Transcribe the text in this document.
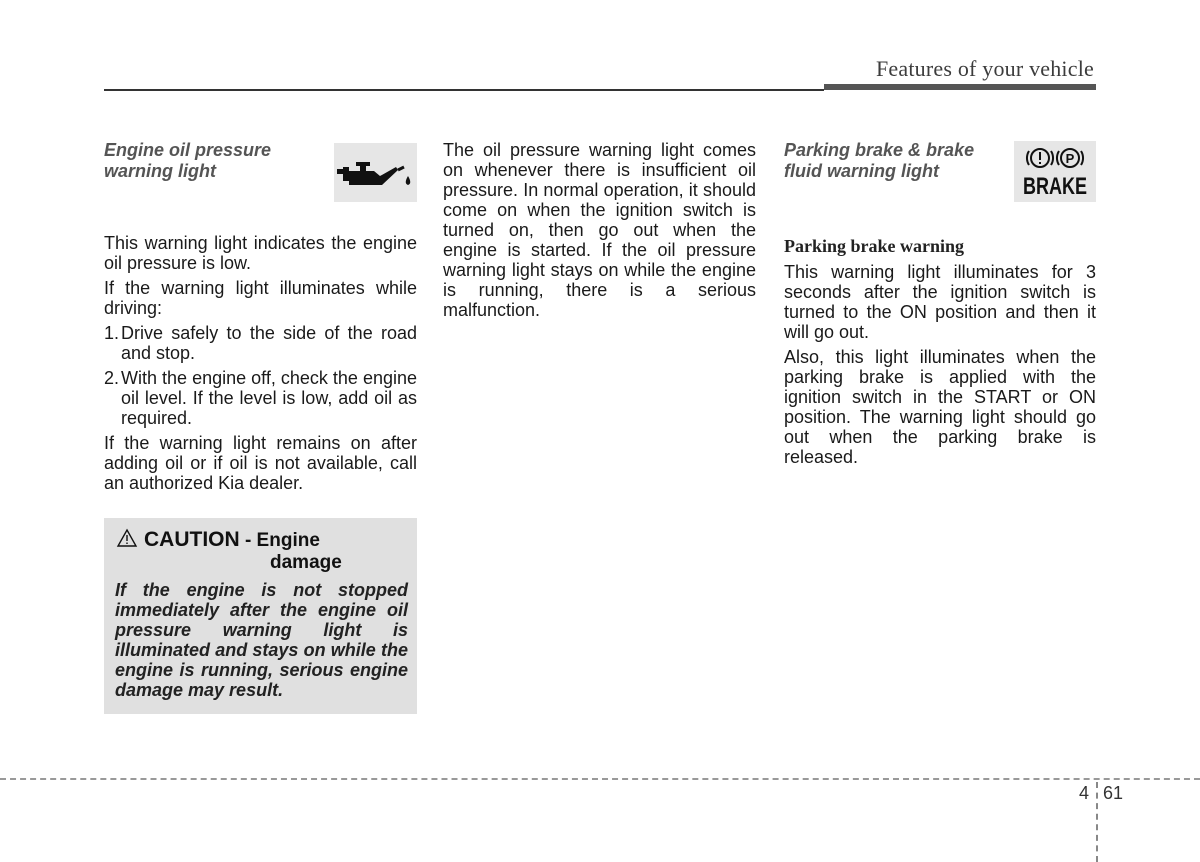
Features of your vehicle
Engine oil pressure
warning light

This warning light indicates the engine oil pressure is low.

If the warning light illuminates while driving:

1. Drive safely to the side of the road and stop.
2. With the engine off, check the engine oil level. If the level is low, add oil as required.

If the warning light remains on after adding oil or if oil is not available, call an authorized Kia dealer.

CAUTION - Engine
damage
If the engine is not stopped immediately after the engine oil pressure warning light is illuminated and stays on while the engine is running, serious engine damage may result.

The oil pressure warning light comes on whenever there is insufficient oil pressure. In normal operation, it should come on when the ignition switch is turned on, then go out when the engine is started. If the oil pressure warning light stays on while the engine is running, there is a serious malfunction.

Parking brake & brake
fluid warning light
Parking brake warning

This warning light illuminates for 3 seconds after the ignition switch is turned to the ON position and then it will go out.

Also, this light illuminates when the parking brake is applied with the ignition switch in the START or ON position. The warning light should go out when the parking brake is released.

P
BRAKE
4 61
